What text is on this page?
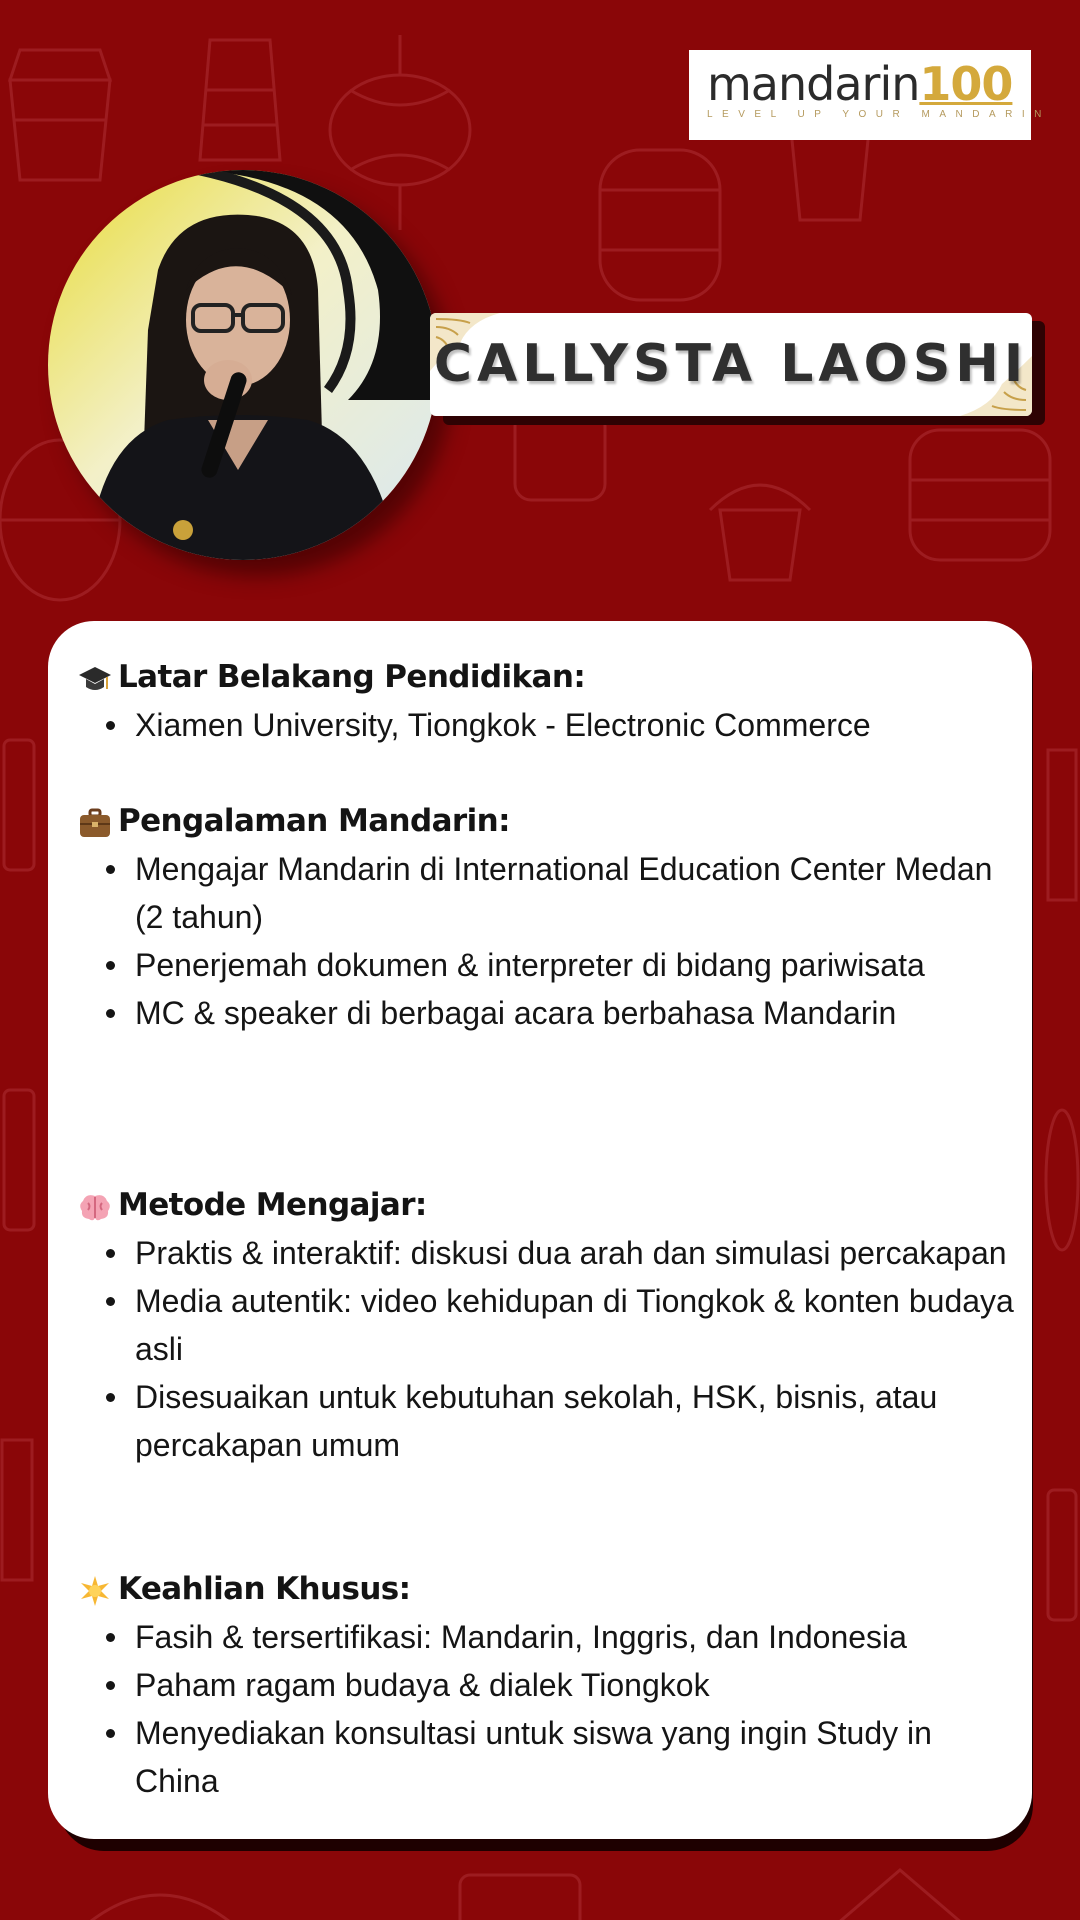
mandarin100
LEVEL UP YOUR MANDARIN
CALLYSTA LAOSHI
Latar Belakang Pendidikan:
Xiamen University, Tiongkok - Electronic Commerce
Pengalaman Mandarin:
Mengajar Mandarin di International Education Center Medan (2 tahun)
Penerjemah dokumen & interpreter di bidang pariwisata
MC & speaker di berbagai acara berbahasa Mandarin
Metode Mengajar:
Praktis & interaktif: diskusi dua arah dan simulasi percakapan
Media autentik: video kehidupan di Tiongkok & konten budaya asli
Disesuaikan untuk kebutuhan sekolah, HSK, bisnis, atau percakapan umum
Keahlian Khusus:
Fasih & tersertifikasi: Mandarin, Inggris, dan Indonesia
Paham ragam budaya & dialek Tiongkok
Menyediakan konsultasi untuk siswa yang ingin Study in China
